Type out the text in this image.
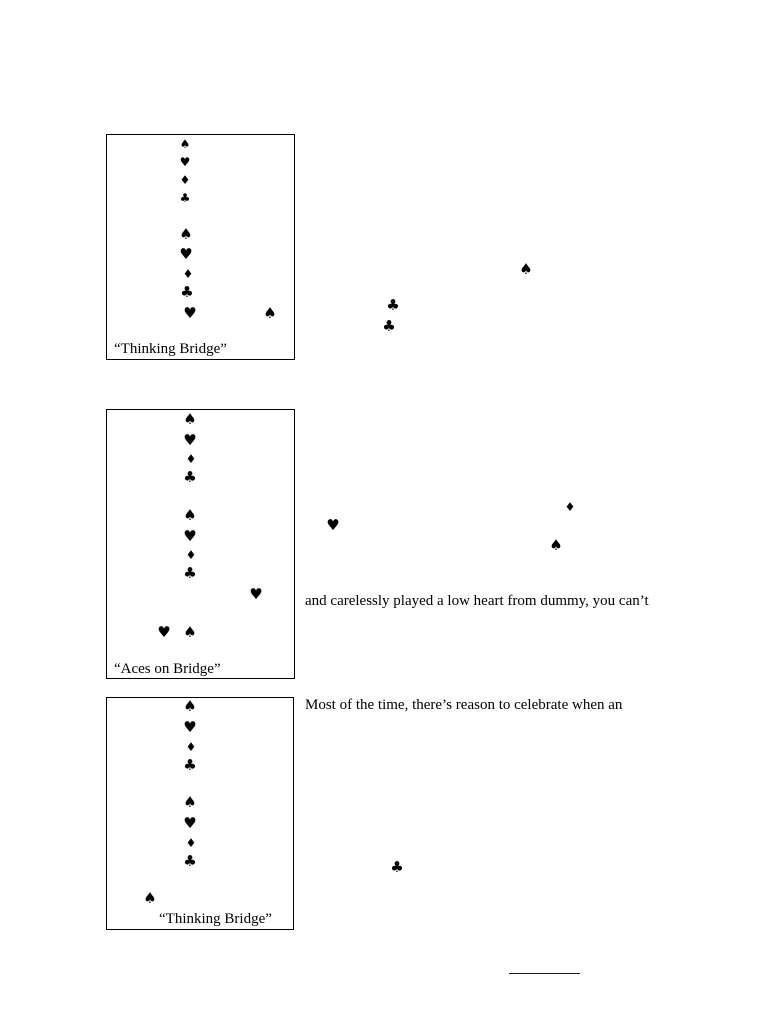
♠
♥
♦
♣
♠
♥
♦
♣
♥	♠
“Thinking Bridge”
♠
♣
♣
♠
♥
♦
♣
♠
♥
♦
♣
♥
♥ ♠
“Aces on Bridge”
♦
♥
♠
and carelessly played a low heart from dummy, you can’t
♠
♥
♦
♣
♠
♥
♦
♣
♠
“Thinking Bridge”
Most of the time, there’s reason to celebrate when an
♣
